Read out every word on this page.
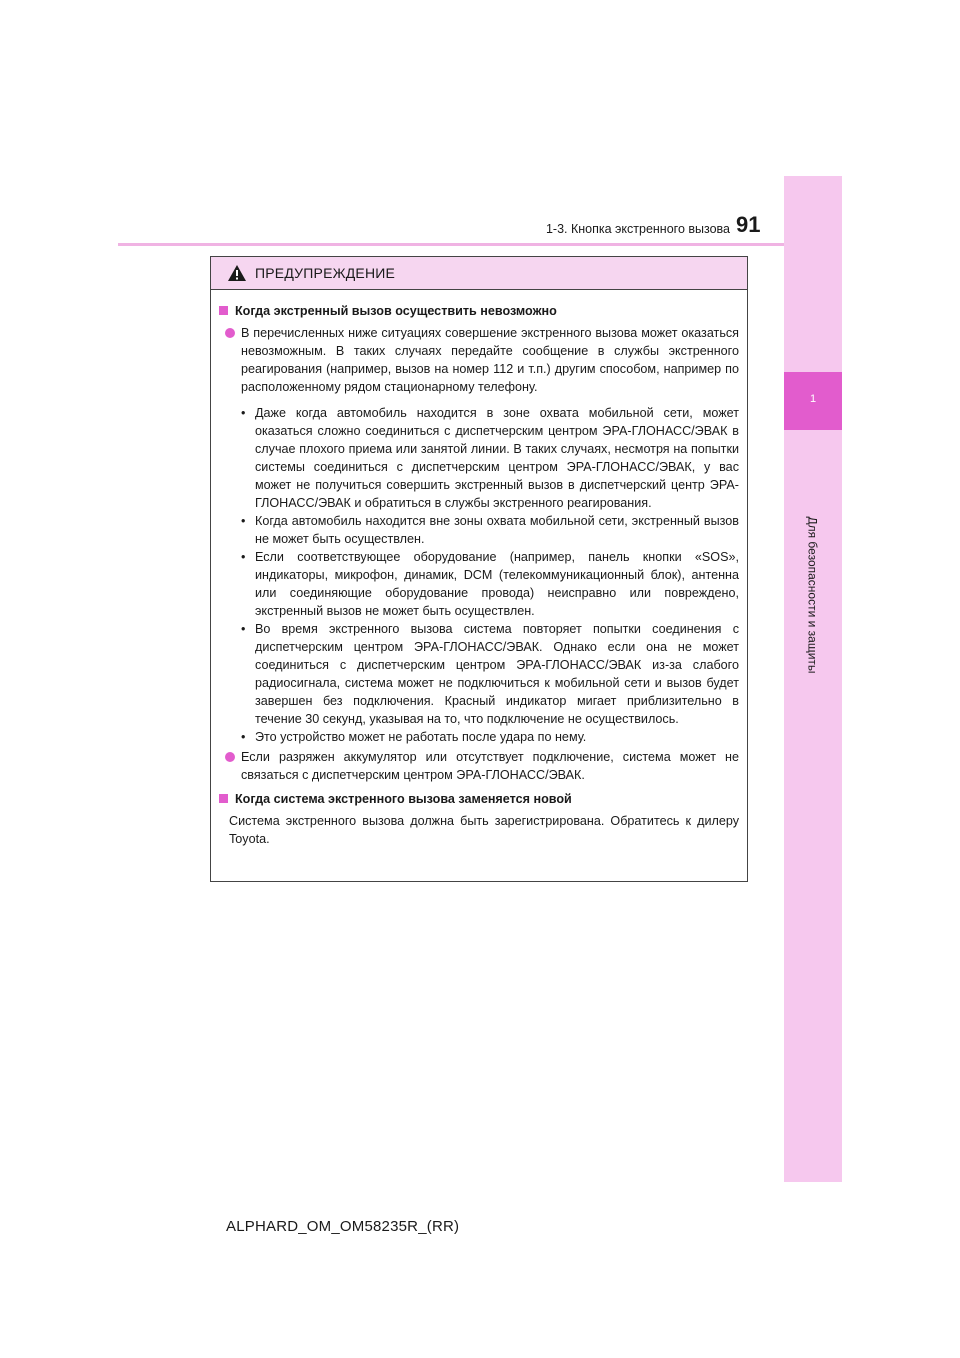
1
Для безопасности и защиты
1-3. Кнопка экстренного вызова 91
ПРЕДУПРЕЖДЕНИЕ
Когда экстренный вызов осуществить невозможно
В перечисленных ниже ситуациях совершение экстренного вызова может оказаться невозможным. В таких случаях передайте сообщение в службы экстренного реагирования (например, вызов на номер 112 и т.п.) другим способом, например по расположенному рядом стационарному телефону.
• Даже когда автомобиль находится в зоне охвата мобильной сети, может оказаться сложно соединиться с диспетчерским центром ЭРА-ГЛОНАСС/ЭВАК в случае плохого приема или занятой линии. В таких случаях, несмотря на попытки системы соединиться с диспетчерским центром ЭРА-ГЛОНАСС/ЭВАК, у вас может не получиться совершить экстренный вызов в диспетчерский центр ЭРА-ГЛОНАСС/ЭВАК и обратиться в службы экстренного реагирования.
• Когда автомобиль находится вне зоны охвата мобильной сети, экстренный вызов не может быть осуществлен.
• Если соответствующее оборудование (например, панель кнопки «SOS», индикаторы, микрофон, динамик, DCM (телекоммуникационный блок), антенна или соединяющие оборудование провода) неисправно или повреждено, экстренный вызов не может быть осуществлен.
• Во время экстренного вызова система повторяет попытки соединения с диспетчерским центром ЭРА-ГЛОНАСС/ЭВАК. Однако если она не может соединиться с диспетчерским центром ЭРА-ГЛОНАСС/ЭВАК из-за слабого радиосигнала, система может не подключиться к мобильной сети и вызов будет завершен без подключения. Красный индикатор мигает приблизительно в течение 30 секунд, указывая на то, что подключение не осуществилось.
• Это устройство может не работать после удара по нему.
Если разряжен аккумулятор или отсутствует подключение, система может не связаться с диспетчерским центром ЭРА-ГЛОНАСС/ЭВАК.
Когда система экстренного вызова заменяется новой
Система экстренного вызова должна быть зарегистрирована. Обратитесь к дилеру Toyota.
ALPHARD_OM_OM58235R_(RR)
